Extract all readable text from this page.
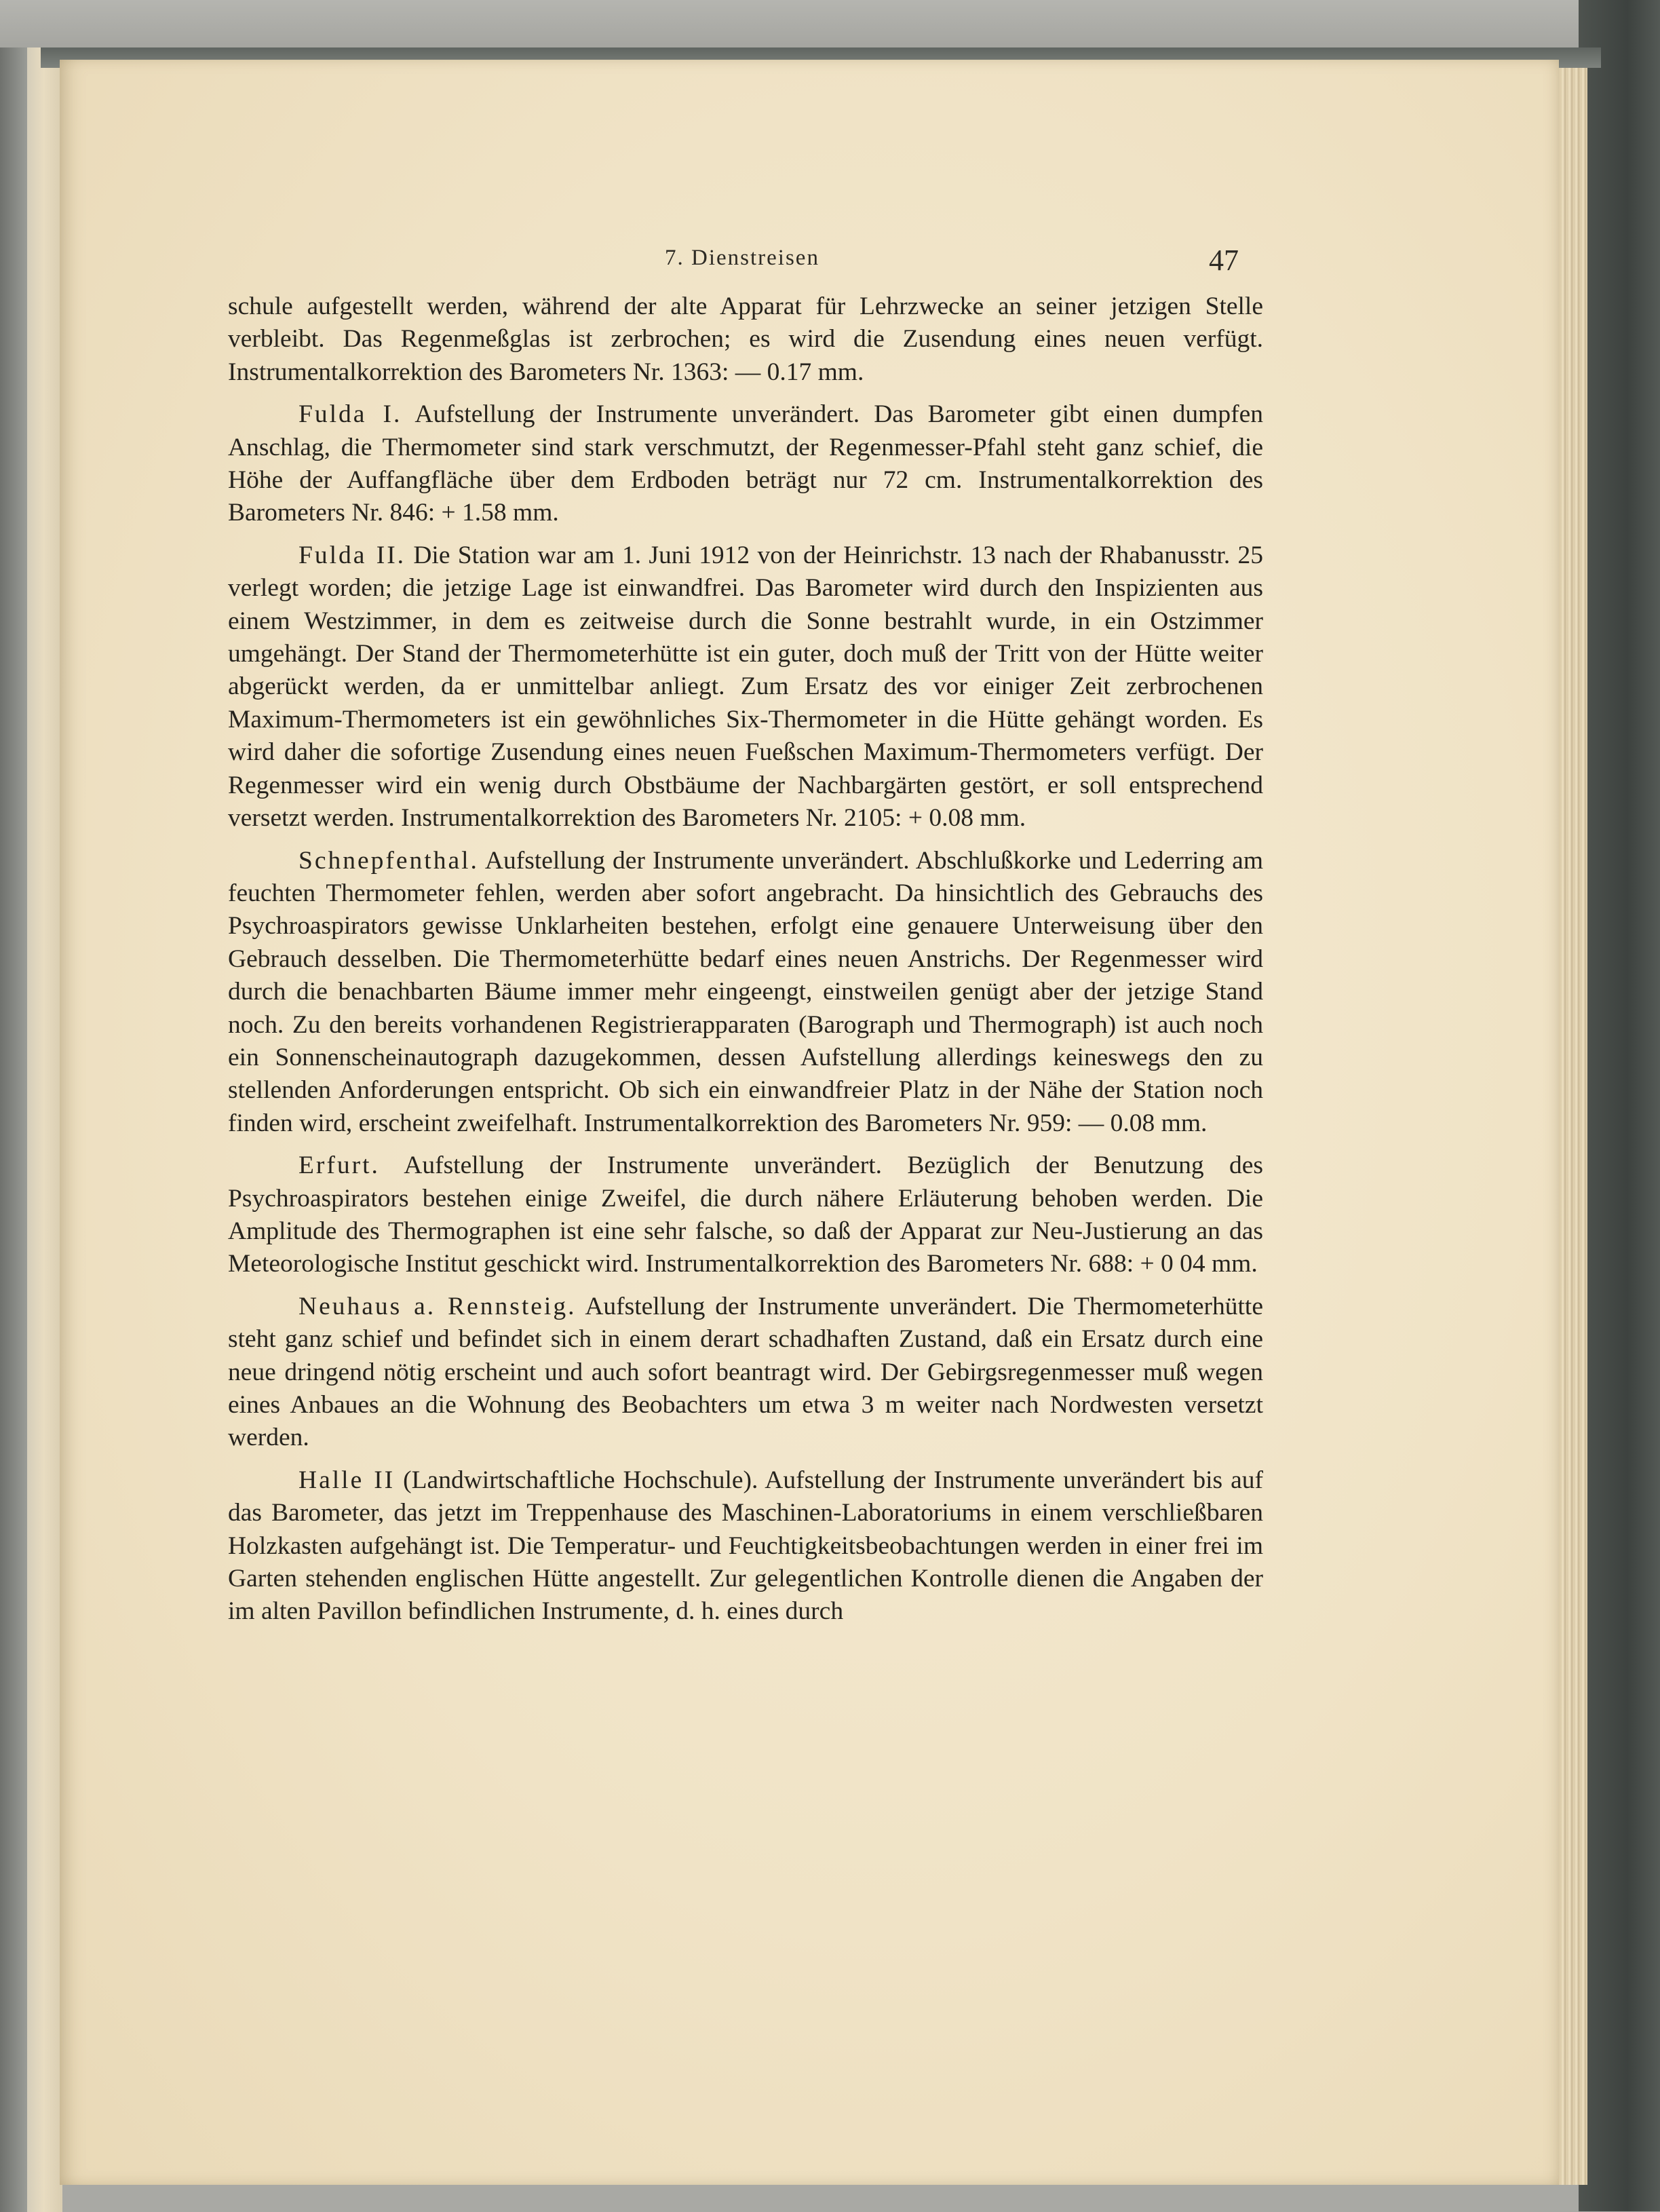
7. Dienstreisen	47

schule aufgestellt werden, während der alte Apparat für Lehrzwecke an seiner jetzigen Stelle verbleibt. Das Regenmeßglas ist zerbrochen; es wird die Zusendung eines neuen verfügt. Instrumentalkorrektion des Barometers Nr. 1363: — 0.17 mm.

Fulda I. Aufstellung der Instrumente unverändert. Das Barometer gibt einen dumpfen Anschlag, die Thermometer sind stark verschmutzt, der Regenmesser-Pfahl steht ganz schief, die Höhe der Auffangfläche über dem Erdboden beträgt nur 72 cm. Instrumentalkorrektion des Barometers Nr. 846: + 1.58 mm.

Fulda II. Die Station war am 1. Juni 1912 von der Heinrichstr. 13 nach der Rhabanusstr. 25 verlegt worden; die jetzige Lage ist einwandfrei. Das Barometer wird durch den Inspizienten aus einem Westzimmer, in dem es zeitweise durch die Sonne bestrahlt wurde, in ein Ostzimmer umgehängt. Der Stand der Thermometerhütte ist ein guter, doch muß der Tritt von der Hütte weiter abgerückt werden, da er unmittelbar anliegt. Zum Ersatz des vor einiger Zeit zerbrochenen Maximum-Thermometers ist ein gewöhnliches Six-Thermometer in die Hütte gehängt worden. Es wird daher die sofortige Zusendung eines neuen Fueßschen Maximum-Thermometers verfügt. Der Regenmesser wird ein wenig durch Obstbäume der Nachbargärten gestört, er soll entsprechend versetzt werden. Instrumentalkorrektion des Barometers Nr. 2105: + 0.08 mm.

Schnepfenthal. Aufstellung der Instrumente unverändert. Abschlußkorke und Lederring am feuchten Thermometer fehlen, werden aber sofort angebracht. Da hinsichtlich des Gebrauchs des Psychroaspirators gewisse Unklarheiten bestehen, erfolgt eine genauere Unterweisung über den Gebrauch desselben. Die Thermometerhütte bedarf eines neuen Anstrichs. Der Regenmesser wird durch die benachbarten Bäume immer mehr eingeengt, einstweilen genügt aber der jetzige Stand noch. Zu den bereits vorhandenen Registrierapparaten (Barograph und Thermograph) ist auch noch ein Sonnenscheinautograph dazugekommen, dessen Aufstellung allerdings keineswegs den zu stellenden Anforderungen entspricht. Ob sich ein einwandfreier Platz in der Nähe der Station noch finden wird, erscheint zweifelhaft. Instrumentalkorrektion des Barometers Nr. 959: — 0.08 mm.

Erfurt. Aufstellung der Instrumente unverändert. Bezüglich der Benutzung des Psychroaspirators bestehen einige Zweifel, die durch nähere Erläuterung behoben werden. Die Amplitude des Thermographen ist eine sehr falsche, so daß der Apparat zur Neu-Justierung an das Meteorologische Institut geschickt wird. Instrumentalkorrektion des Barometers Nr. 688: + 0 04 mm.

Neuhaus a. Rennsteig. Aufstellung der Instrumente unverändert. Die Thermometerhütte steht ganz schief und befindet sich in einem derart schadhaften Zustand, daß ein Ersatz durch eine neue dringend nötig erscheint und auch sofort beantragt wird. Der Gebirgsregenmesser muß wegen eines Anbaues an die Wohnung des Beobachters um etwa 3 m weiter nach Nordwesten versetzt werden.

Halle II (Landwirtschaftliche Hochschule). Aufstellung der Instrumente unverändert bis auf das Barometer, das jetzt im Treppenhause des Maschinen-Laboratoriums in einem verschließbaren Holzkasten aufgehängt ist. Die Temperatur- und Feuchtigkeitsbeobachtungen werden in einer frei im Garten stehenden englischen Hütte angestellt. Zur gelegentlichen Kontrolle dienen die Angaben der im alten Pavillon befindlichen Instrumente, d. h. eines durch
